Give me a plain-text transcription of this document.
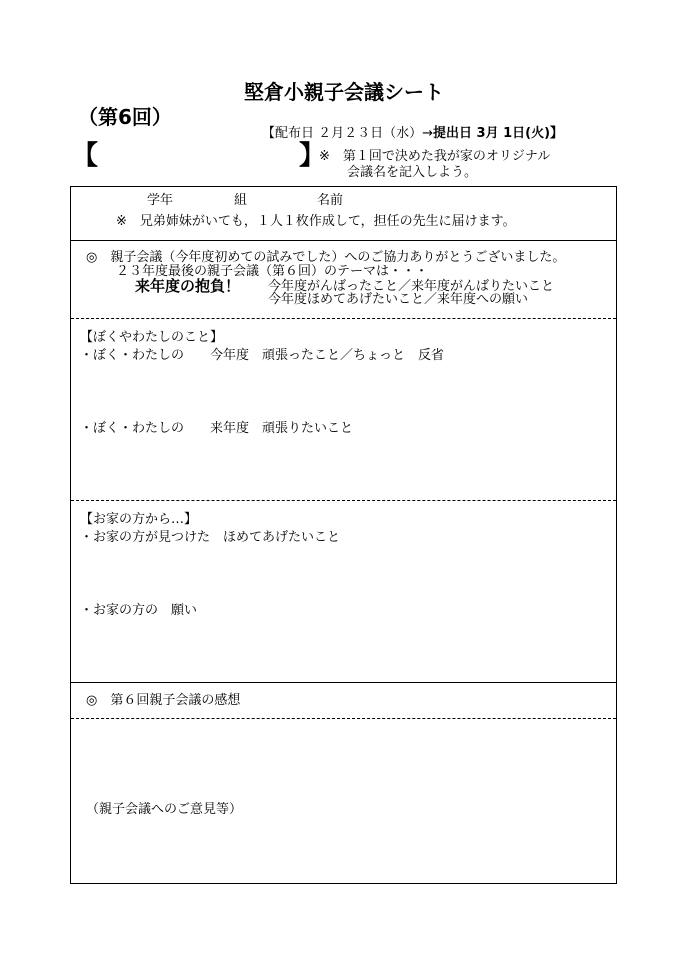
堅倉小親子会議シート
（第6回）
【配布日 ２月２３日（水）→提出日 3月 1日(火)】
【	】
※　第１回で決めた我が家のオリジナル
会議名を記入しよう。
学年	組	名前
※　兄弟姉妹がいても，１人１枚作成して，担任の先生に届けます。
◎　親子会議（今年度初めての試みでした）へのご協力ありがとうございました。
２３年度最後の親子会議（第６回）のテーマは・・・
来年度の抱負！ 今年度がんばったこと／来年度がんばりたいこと
今年度ほめてあげたいこと／来年度への願い
【ぼくやわたしのこと】
・ぼく・わたしの　　今年度　頑張ったこと／ちょっと　反省
・ぼく・わたしの　　来年度　頑張りたいこと
【お家の方から…】
・お家の方が見つけた　ほめてあげたいこと
・お家の方の　願い
◎　第６回親子会議の感想
（親子会議へのご意見等）
